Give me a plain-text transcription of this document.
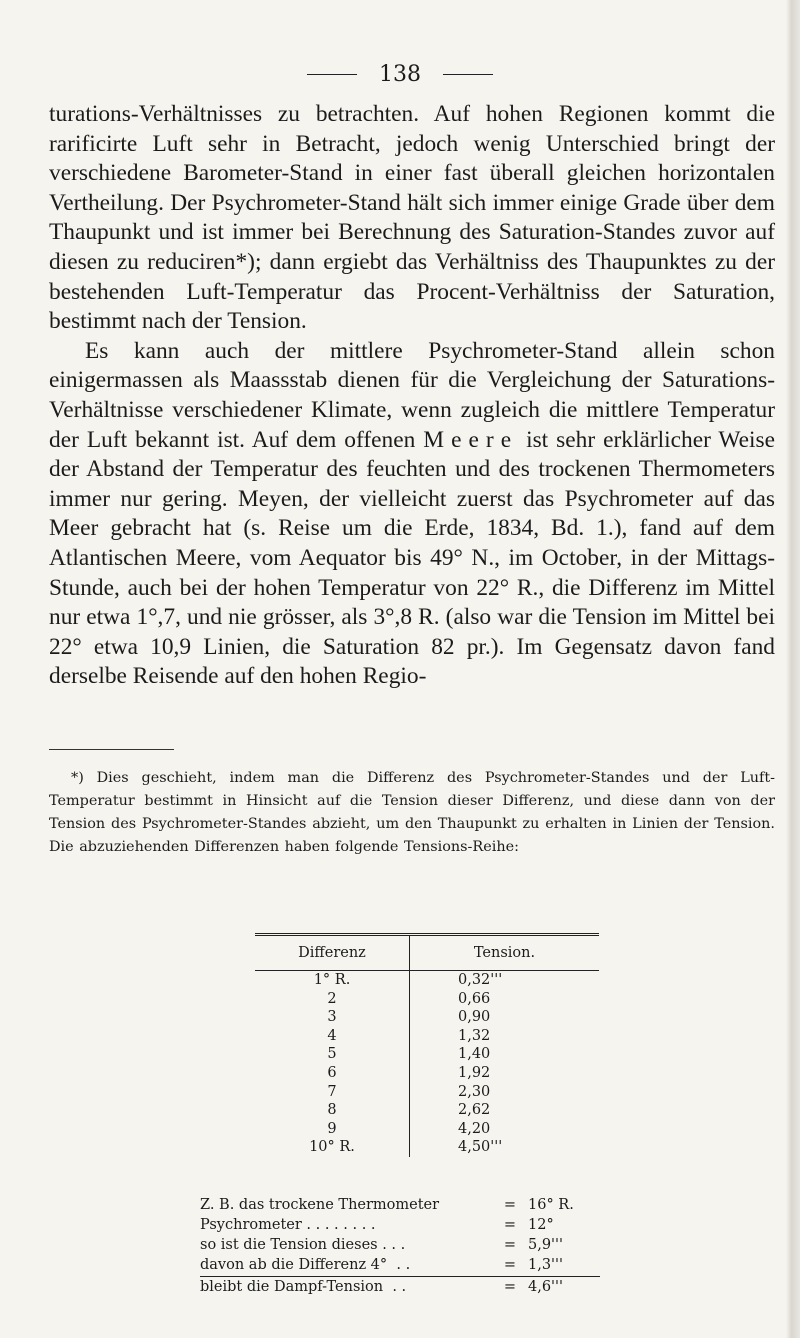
138

turations-Verhältnisses zu betrachten. Auf hohen Regionen kommt die rarificirte Luft sehr in Betracht, jedoch wenig Unterschied bringt der verschiedene Barometer-Stand in einer fast überall gleichen horizontalen Vertheilung. Der Psychrometer-Stand hält sich immer einige Grade über dem Thaupunkt und ist immer bei Berechnung des Saturation-Standes zuvor auf diesen zu reduciren*); dann ergiebt das Verhältniss des Thaupunktes zu der bestehenden Luft-Temperatur das Procent-Verhältniss der Saturation, bestimmt nach der Tension.

Es kann auch der mittlere Psychrometer-Stand allein schon einigermassen als Maassstab dienen für die Vergleichung der Saturations-Verhältnisse verschiedener Klimate, wenn zugleich die mittlere Temperatur der Luft bekannt ist. Auf dem offenen Meere ist sehr erklärlicher Weise der Abstand der Temperatur des feuchten und des trockenen Thermometers immer nur gering. Meyen, der vielleicht zuerst das Psychrometer auf das Meer gebracht hat (s. Reise um die Erde, 1834, Bd. 1.), fand auf dem Atlantischen Meere, vom Aequator bis 49° N., im October, in der Mittags-Stunde, auch bei der hohen Temperatur von 22° R., die Differenz im Mittel nur etwa 1°,7, und nie grösser, als 3°,8 R. (also war die Tension im Mittel bei 22° etwa 10,9 Linien, die Saturation 82 pr.). Im Gegensatz davon fand derselbe Reisende auf den hohen Regio-

*) Dies geschieht, indem man die Differenz des Psychrometer-Standes und der Luft-Temperatur bestimmt in Hinsicht auf die Tension dieser Differenz, und diese dann von der Tension des Psychrometer-Standes abzieht, um den Thaupunkt zu erhalten in Linien der Tension. Die abzuziehenden Differenzen haben folgende Tensions-Reihe:

Differenz	Tension.
1° R.	0,32'''
2	0,66
3	0,90
4	1,32
5	1,40
6	1,92
7	2,30
8	2,62
9	4,20
10° R.	4,50'''
Z. B. das trockene Thermometer	= 16° R.
Psychrometer . . . . . . . .	= 12°
so ist die Tension dieses . . .	= 5,9'''
davon ab die Differenz 4°  . .	= 1,3'''
bleibt die Dampf-Tension  . .	= 4,6'''
